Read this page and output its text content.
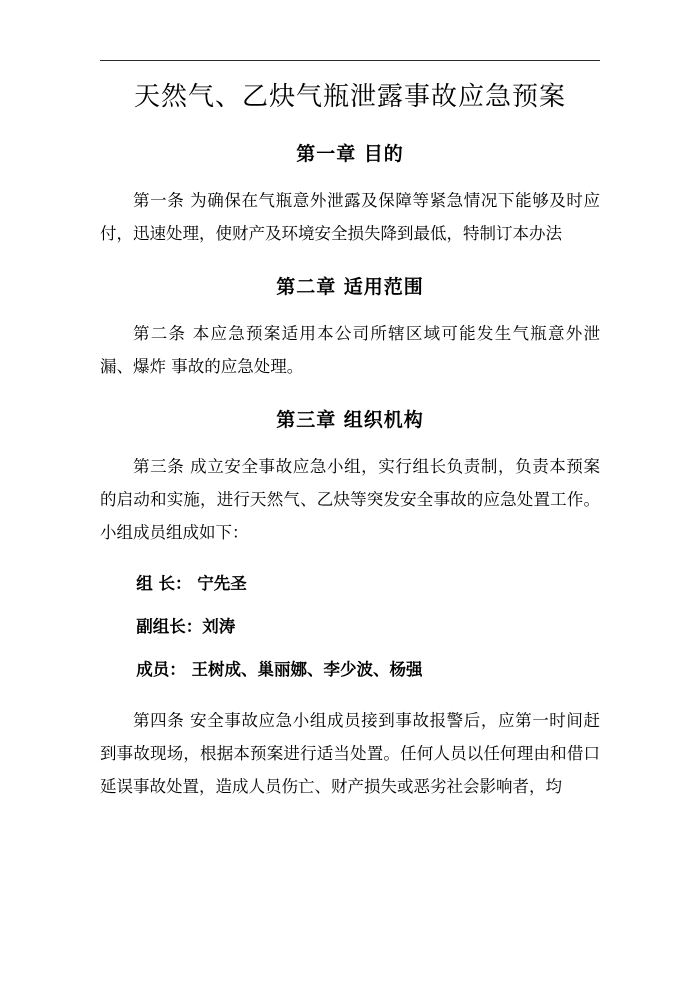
天然气、乙炔气瓶泄露事故应急预案
第一章 目的

第一条 为确保在气瓶意外泄露及保障等紧急情况下能够及时应付，迅速处理，使财产及环境安全损失降到最低，特制订本办法

第二章 适用范围

第二条 本应急预案适用本公司所辖区域可能发生气瓶意外泄漏、爆炸 事故的应急处理。

第三章 组织机构

第三条 成立安全事故应急小组，实行组长负责制，负责本预案的启动和实施，进行天然气、乙炔等突发安全事故的应急处置工作。小组成员组成如下：

组 长： 宁先圣

副组长：刘涛

成员： 王树成、巢丽娜、李少波、杨强

第四条 安全事故应急小组成员接到事故报警后，应第一时间赶到事故现场，根据本预案进行适当处置。任何人员以任何理由和借口延误事故处置，造成人员伤亡、财产损失或恶劣社会影响者，均
